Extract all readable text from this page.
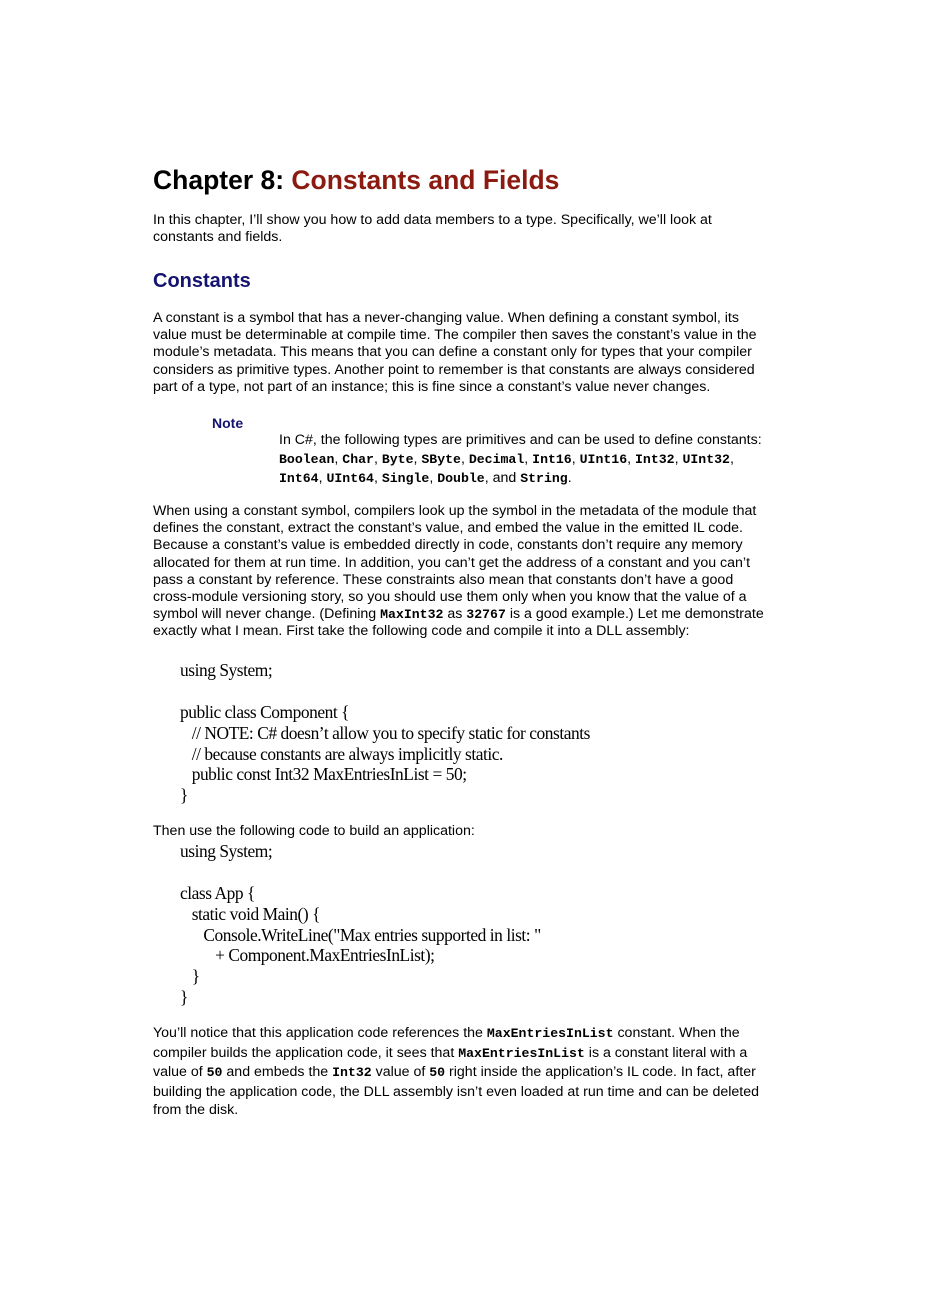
Chapter 8: Constants and Fields

In this chapter, I’ll show you how to add data members to a type. Specifically, we’ll look at constants and fields.

Constants

A constant is a symbol that has a never-changing value. When defining a constant symbol, its value must be determinable at compile time. The compiler then saves the constant’s value in the module’s metadata. This means that you can define a constant only for types that your compiler considers as primitive types. Another point to remember is that constants are always considered part of a type, not part of an instance; this is fine since a constant’s value never changes.

Note

In C#, the following types are primitives and can be used to define constants: Boolean, Char, Byte, SByte, Decimal, Int16, UInt16, Int32, UInt32, Int64, UInt64, Single, Double, and String.

When using a constant symbol, compilers look up the symbol in the metadata of the module that defines the constant, extract the constant’s value, and embed the value in the emitted IL code. Because a constant’s value is embedded directly in code, constants don’t require any memory allocated for them at run time. In addition, you can’t get the address of a constant and you can’t pass a constant by reference. These constraints also mean that constants don’t have a good cross-module versioning story, so you should use them only when you know that the value of a symbol will never change. (Defining MaxInt32 as 32767 is a good example.) Let me demonstrate exactly what I mean. First take the following code and compile it into a DLL assembly:

using System;
public class Component {
// NOTE: C# doesn’t allow you to specify static for constants
// because constants are always implicitly static.
public const Int32 MaxEntriesInList = 50;
}

Then use the following code to build an application:

using System;
class App {
static void Main() {
Console.WriteLine("Max entries supported in list: "
+ Component.MaxEntriesInList);
}
}

You’ll notice that this application code references the MaxEntriesInList constant. When the compiler builds the application code, it sees that MaxEntriesInList is a constant literal with a value of 50 and embeds the Int32 value of 50 right inside the application’s IL code. In fact, after building the application code, the DLL assembly isn’t even loaded at run time and can be deleted from the disk.
